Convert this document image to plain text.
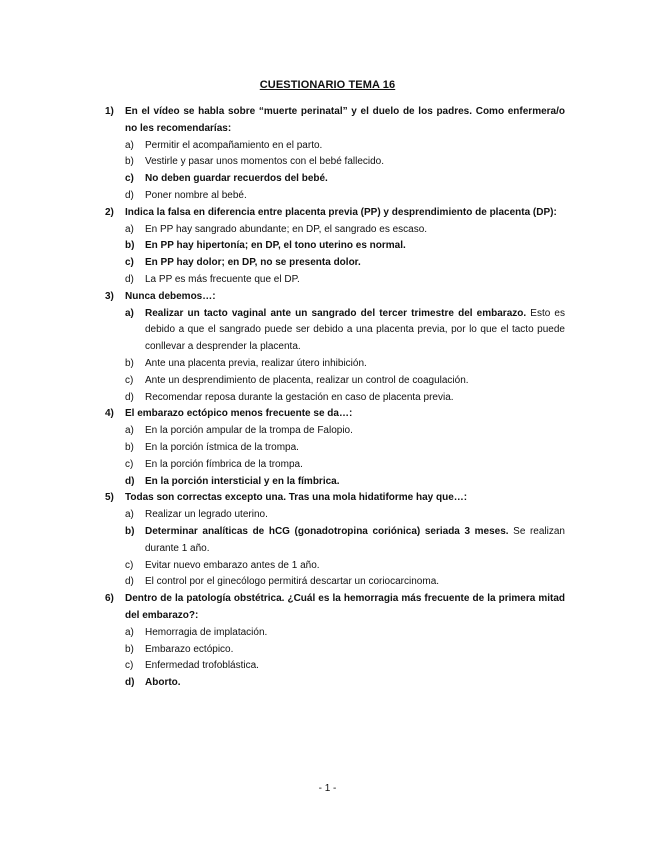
CUESTIONARIO TEMA 16
1)	En el vídeo se habla sobre “muerte perinatal” y el duelo de los padres. Como enfermera/o no les recomendarías:
a)	Permitir el acompañamiento en el parto.
b)	Vestirle y pasar unos momentos con el bebé fallecido.
c)	No deben guardar recuerdos del bebé.
d)	Poner nombre al bebé.
2)	Indica la falsa en diferencia entre placenta previa (PP) y desprendimiento de placenta (DP):
a)	En PP hay sangrado abundante; en DP, el sangrado es escaso.
b)	En PP hay hipertonía; en DP, el tono uterino es normal.
c)	En PP hay dolor; en DP, no se presenta dolor.
d)	La PP es más frecuente que el DP.
3)	Nunca debemos…:
a)	Realizar un tacto vaginal ante un sangrado del tercer trimestre del embarazo. Esto es debido a que el sangrado puede ser debido a una placenta previa, por lo que el tacto puede conllevar a desprender la placenta.
b)	Ante una placenta previa, realizar útero inhibición.
c)	Ante un desprendimiento de placenta, realizar un control de coagulación.
d)	Recomendar reposa durante la gestación en caso de placenta previa.
4)	El embarazo ectópico menos frecuente se da…:
a)	En la porción ampular de la trompa de Falopio.
b)	En la porción ístmica de la trompa.
c)	En la porción fímbrica de la trompa.
d)	En la porción intersticial y en la fímbrica.
5)	Todas son correctas excepto una. Tras una mola hidatiforme hay que…:
a)	Realizar un legrado uterino.
b)	Determinar analíticas de hCG (gonadotropina coriónica) seriada 3 meses. Se realizan durante 1 año.
c)	Evitar nuevo embarazo antes de 1 año.
d)	El control por el ginecólogo permitirá descartar un coriocarcinoma.
6)	Dentro de la patología obstétrica. ¿Cuál es la hemorragia más frecuente de la primera mitad del embarazo?:
a)	Hemorragia de implatación.
b)	Embarazo ectópico.
c)	Enfermedad trofoblástica.
d)	Aborto.
- 1 -
